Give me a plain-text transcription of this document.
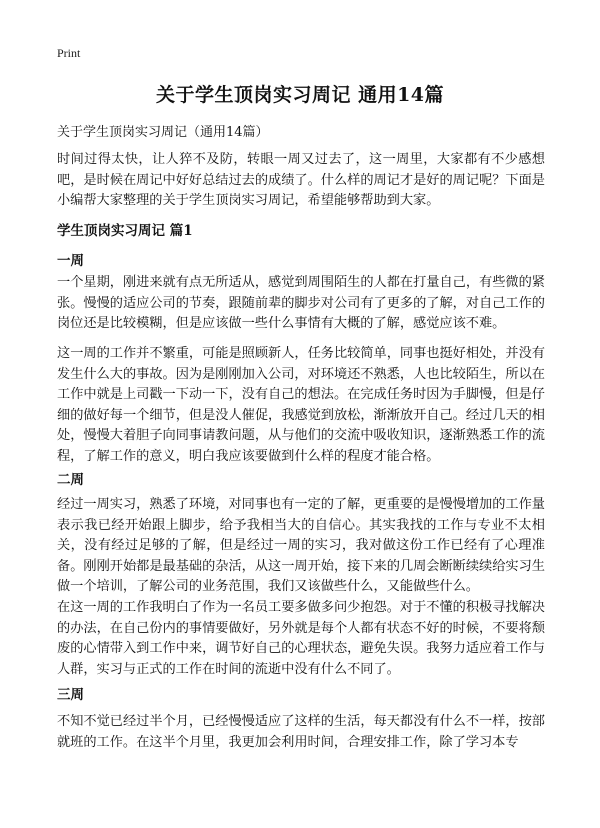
Print
关于学生顶岗实习周记 通用14篇
关于学生顶岗实习周记（通用14篇）

时间过得太快，让人猝不及防，转眼一周又过去了，这一周里，大家都有不少感想吧，是时候在周记中好好总结过去的成绩了。什么样的周记才是好的周记呢？下面是小编帮大家整理的关于学生顶岗实习周记，希望能够帮助到大家。

学生顶岗实习周记 篇1
一周

一个星期，刚进来就有点无所适从，感觉到周围陌生的人都在打量自己，有些微的紧张。慢慢的适应公司的节奏，跟随前辈的脚步对公司有了更多的了解，对自己工作的岗位还是比较模糊，但是应该做一些什么事情有大概的了解，感觉应该不难。

这一周的工作并不繁重，可能是照顾新人，任务比较简单，同事也挺好相处，并没有发生什么大的事故。因为是刚刚加入公司，对环境还不熟悉，人也比较陌生，所以在工作中就是上司戳一下动一下，没有自己的想法。在完成任务时因为手脚慢，但是仔细的做好每一个细节，但是没人催促，我感觉到放松，渐渐放开自己。经过几天的相处，慢慢大着胆子向同事请教问题，从与他们的交流中吸收知识，逐渐熟悉工作的流程，了解工作的意义，明白我应该要做到什么样的程度才能合格。

二周

经过一周实习，熟悉了环境，对同事也有一定的了解，更重要的是慢慢增加的工作量表示我已经开始跟上脚步，给予我相当大的自信心。其实我找的工作与专业不太相关，没有经过足够的了解，但是经过一周的实习，我对做这份工作已经有了心理准备。刚刚开始都是最基础的杂活，从这一周开始，接下来的几周会断断续续给实习生做一个培训，了解公司的业务范围，我们又该做些什么，又能做些什么。

在这一周的工作我明白了作为一名员工要多做多问少抱怨。对于不懂的积极寻找解决的办法，在自己份内的事情要做好，另外就是每个人都有状态不好的时候，不要将颓废的心情带入到工作中来，调节好自己的心理状态，避免失误。我努力适应着工作与人群，实习与正式的工作在时间的流逝中没有什么不同了。

三周

不知不觉已经过半个月，已经慢慢适应了这样的生活，每天都没有什么不一样，按部就班的工作。在这半个月里，我更加会利用时间，合理安排工作，除了学习本专
